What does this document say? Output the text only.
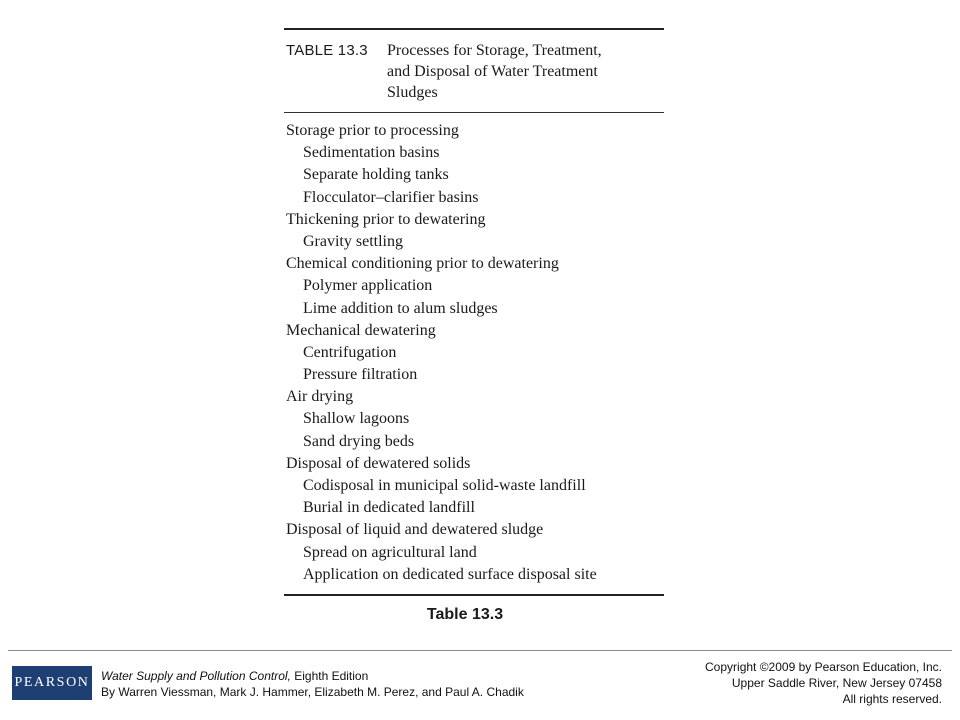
TABLE 13.3	Processes for Storage, Treatment,
and Disposal of Water Treatment
Sludges
Storage prior to processing
Sedimentation basins
Separate holding tanks
Flocculator–clarifier basins
Thickening prior to dewatering
Gravity settling
Chemical conditioning prior to dewatering
Polymer application
Lime addition to alum sludges
Mechanical dewatering
Centrifugation
Pressure filtration
Air drying
Shallow lagoons
Sand drying beds
Disposal of dewatered solids
Codisposal in municipal solid-waste landfill
Burial in dedicated landfill
Disposal of liquid and dewatered sludge
Spread on agricultural land
Application on dedicated surface disposal site
Table 13.3
PEARSON Water Supply and Pollution Control, Eighth Edition
By Warren Viessman, Mark J. Hammer, Elizabeth M. Perez, and Paul A. Chadik
Copyright ©2009 by Pearson Education, Inc.
Upper Saddle River, New Jersey 07458
All rights reserved.
